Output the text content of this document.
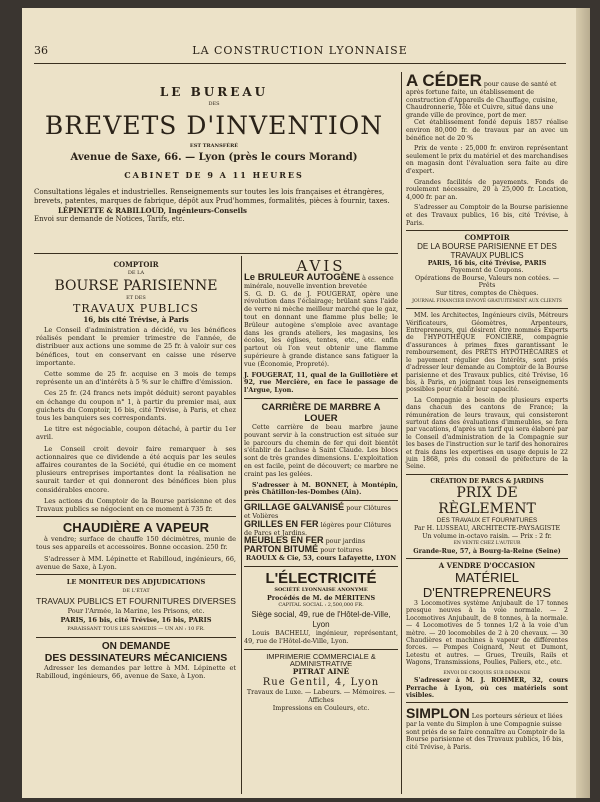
36	LA CONSTRUCTION LYONNAISE
LE BUREAU
DES
BREVETS D'INVENTION
EST TRANSFÉRÉ
Avenue de Saxe, 66. — Lyon (près le cours Morand)
CABINET DE 9 A 11 HEURES
Consultations légales et industrielles. Renseignements sur toutes les lois françaises et étrangères,
brevets, patentes, marques de fabrique, dépôt aux Prud'hommes, formalités, pièces à fournir, taxes.
LÉPINETTE & RABILLOUD, Ingénieurs-Conseils
Envoi sur demande de Notices, Tarifs, etc.
COMPTOIR
DE LA
BOURSE PARISIENNE
ET DES
TRAVAUX PUBLICS
16, bis cité Trévise, à Paris

Le Conseil d'administration a décidé, vu les bénéfices réalisés pendant le premier trimestre de l'année, de distribuer aux actions une somme de 25 fr. à valoir sur ces bénéfices, tout en conservant en caisse une réserve importante.

Cette somme de 25 fr. acquise en 3 mois de temps représente un an d'intérêts à 5 % sur le chiffre d'émission.

Ces 25 fr. (24 francs nets impôt déduit) seront payables en échange du coupon n° 1, à partir du premier mai, aux guichets du Comptoir, 16 bis, cité Trévise, à Paris, et chez tous les banquiers ses correspondants.

Le titre est négociable, coupon détaché, à partir du 1er avril.

Le Conseil croit devoir faire remarquer à ses actionnaires que ce dividende a été acquis par les seules affaires courantes de la Société, qui étudie en ce moment plusieurs entreprises importantes dont la réalisation ne saurait tarder et qui donneront des bénéfices bien plus considérables encore.

Les actions du Comptoir de la Bourse parisienne et des Travaux publics se négocient en ce moment à 735 fr.

CHAUDIÈRE A VAPEUR

à vendre; surface de chauffe 150 décimètres, munie de tous ses appareils et accessoires. Bonne occasion. 250 fr.

S'adresser à MM. Lépinette et Rabilloud, ingénieurs, 66, avenue de Saxe, à Lyon.

LE MONITEUR DES ADJUDICATIONS
DE L'ÉTAT
TRAVAUX PUBLICS ET FOURNITURES DIVERSES
Pour l'Armée, la Marine, les Prisons, etc.
PARIS, 16 bis, cité Trévise, 16 bis, PARIS
PARAISSANT TOUS LES SAMEDIS — UN AN : 10 FR.
ON DEMANDE
DES DESSINATEURS MÉCANICIENS

Adresser les demandes par lettre à MM. Lépinette et Rabilloud, ingénieurs, 66, avenue de Saxe, à Lyon.

AVIS
Le BRULEUR AUTOGÈNE à essence minérale, nouvelle invention brevetée

S. G. D. G. de J. FOUGERAT, opère une révolution dans l'éclairage; brûlant sans l'aide de verre ni mèche meilleur marché que le gaz, tout en donnant une flamme plus belle; le Brûleur autogène s'emploie avec avantage dans les grands ateliers, les magasins, les écoles, les églises, tentes, etc., etc. enfin partout où l'on veut obtenir une flamme supérieure à grande distance sans fatiguer la vue (Économie, Propreté).

J. FOUGERAT, 11, qual de la Guillotière et 92, rue Mercière, en face le passage de l'Argue, Lyon.

CARRIÈRE DE MARBRE A LOUER

Cette carrière de beau marbre jaune pouvant servir à la construction est située sur le parcours du chemin de fer qui doit bientôt s'établir de Lacluse à Saint Claude. Les blocs sont de très grandes dimensions. L'exploitation en est facile, peint de découvert; ce marbre ne craint pas les gelées.

S'adresser à M. BONNET, à Montépin, près Châtillon-les-Dombes (Ain).

GRILLAGE GALVANISÉ pour Clôtures et Volières
GRILLES EN FER légères pour Clôtures de Parcs et Jardins.
MEUBLES EN FER pour jardins PARTON BITUMÉ pour toitures
RAOULX & Cie, 53, cours Lafayette, LYON
L'ÉLECTRICITÉ
SOCIÉTÉ LYONNAISE ANONYME
Procédés de M. de MÉRITENS
CAPITAL SOCIAL : 2,500,000 FR.
Siège social, 49, rue de l'Hôtel-de-Ville, Lyon

Louis BACHELU, ingénieur, représentant, 49, rue de l'Hôtel-de-Ville, Lyon.

IMPRIMERIE COMMERCIALE & ADMINISTRATIVE
PITRAT AINÉ
Rue Gentil, 4, Lyon
Travaux de Luxe. — Labeurs. — Mémoires. — Affiches
Impressions en Couleurs, etc.
A CÉDER pour cause de santé et après fortune faite, un établissement de construction d'Appareils de Chauffage, cuisine, Chaudronnerie, Tôle et Cuivre, situé dans une grande ville de province, port de mer.

Cet établissement fondé depuis 1857 réalise environ 80,000 fr. de travaux par an avec un bénéfice net de 20 %

Prix de vente : 25,000 fr. environ représentant seulement le prix du matériel et des marchandises en magasin dont l'évaluation sera faite au dire d'expert.

Grandes facilités de payements. Fonds de roulement nécessaire, 20 à 25,000 fr. Location, 4,000 fr. par an.

S'adresser au Comptoir de la Bourse parisienne et des Travaux publics, 16 bis, cité Trévise, à Paris.

COMPTOIR
DE LA BOURSE PARISIENNE ET DES TRAVAUX PUBLICS
PARIS, 16 bis, cité Trévise, PARIS
Payement de Coupons.
Opérations de Bourse, Valeurs non cotées. — Prêts
Sur titres, comptes de Chèques.
JOURNAL FINANCIER ENVOYÉ GRATUITEMENT AUX CLIENTS

MM. les Architectes, Ingénieurs civils, Métreurs Vérificateurs, Géomètres, Arpenteurs, Entrepreneurs, qui désirent être nommés Experts de l'HYPOTHÈQUE FONCIÈRE, compagnie d'assurances à primes fixes garantissant le remboursement, des PRÊTS HYPOTHÉCAIRES et le payement régulier des Intérêts, sont priés d'adresser leur demande au Comptoir de la Bourse parisienne et des Travaux publics, cité Trévise, 16 bis, à Paris, en joignant tous les renseignements possibles pour établir leur capacité.

La Compagnie a besoin de plusieurs experts dans chacun des cantons de France; la rémunération de leurs travaux, qui consisteront surtout dans des évaluations d'immeubles, se fera par vacations, d'après un tarif qui sera élaboré par le Conseil d'administration de la Compagnie sur les bases de l'instruction sur le tarif des honoraires et frais dans les expertises en usage depuis le 22 juin 1868, près du conseil de préfecture de la Seine.

CRÉATION DE PARCS & JARDINS
PRIX DE RÈGLEMENT
DES TRAVAUX ET FOURNITURES
Par H. LUSSEAU, ARCHITECTE-PAYSAGISTE
Un volume in-octavo raisin. — Prix : 2 fr.
EN VENTE CHEZ L'AUTEUR
Grande-Rue, 57, à Bourg-la-Reine (Seine)
A VENDRE D'OCCASION
MATÉRIEL D'ENTREPRENEURS

3 Locomotives système Anjubault de 17 tonnes presque neuves à la voie normale. — 2 Locomotives Anjubault, de 8 tonnes, à la normale. — 4 Locomotives de 5 tonnes 1/2 à la voie d'un mètre. — 20 locomobiles de 2 à 20 chevaux. — 30 Chaudières et machines à vapeur de différentes forces. — Pompes Coignard, Neut et Dumont, Letestu et autres. — Grues, Treuils, Rails et Wagons, Transmissions, Poulies, Paliers, etc., etc.

ENVOI DE CROQUIS SUR DEMANDE

S'adresser à M. J. ROHMER, 32, cours Perrache à Lyon, où ces matériels sont visibles.

SIMPLON Les porteurs sérieux et liées par la vente du Simplon à une Compagnie suisse sont priés de se faire connaître au Comptoir de la Bourse parisienne et des Travaux publics, 16 bis, cité Trévise, à Paris.
